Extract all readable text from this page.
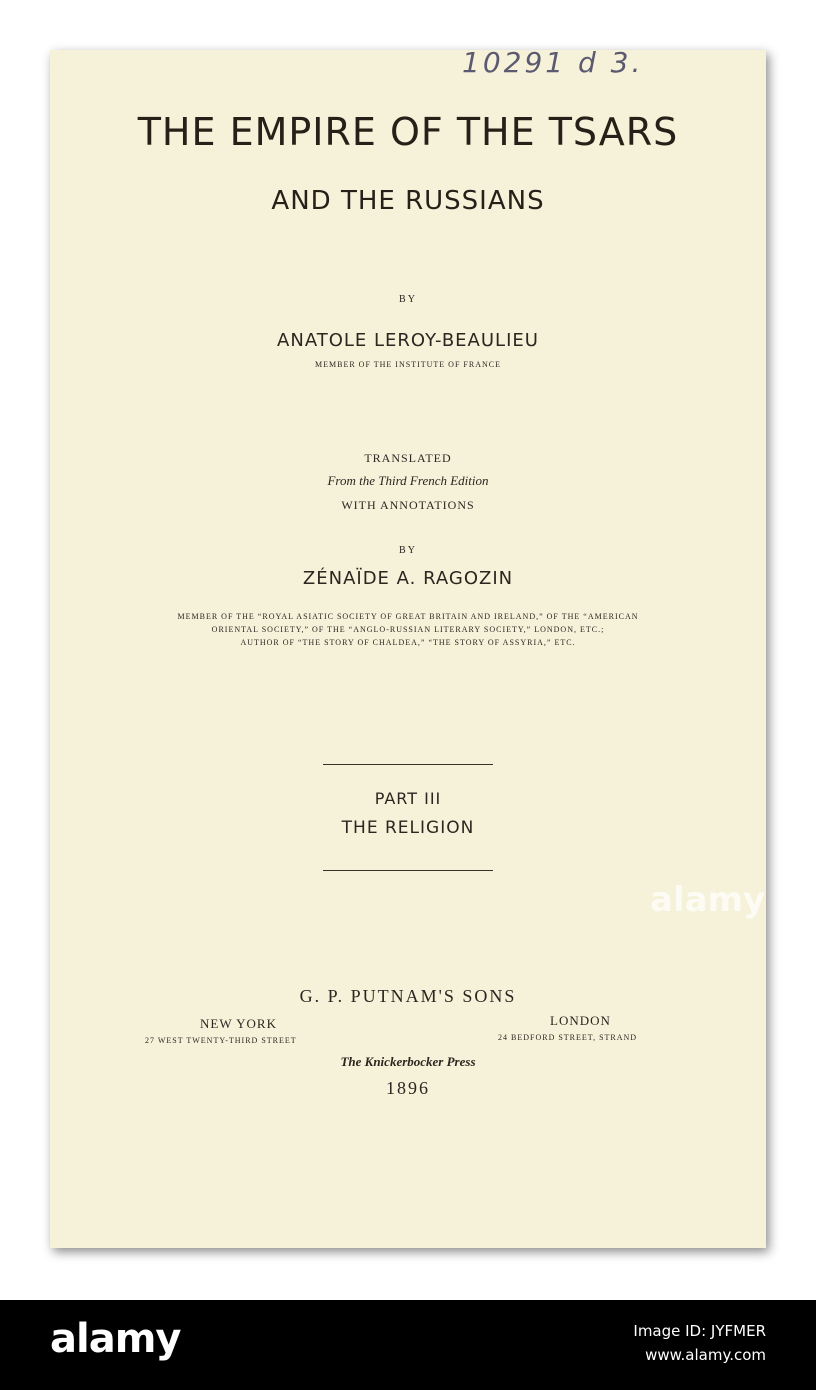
10291 d 3.
THE EMPIRE OF THE TSARS
AND THE RUSSIANS
BY
ANATOLE LEROY-BEAULIEU
MEMBER OF THE INSTITUTE OF FRANCE
TRANSLATED
From the Third French Edition
WITH ANNOTATIONS
BY
ZÉNAÏDE A. RAGOZIN
MEMBER OF THE “ROYAL ASIATIC SOCIETY OF GREAT BRITAIN AND IRELAND,” OF THE “AMERICAN
ORIENTAL SOCIETY,” OF THE “ANGLO-RUSSIAN LITERARY SOCIETY,” LONDON, ETC.;
AUTHOR OF “THE STORY OF CHALDEA,” “THE STORY OF ASSYRIA,” ETC.
PART III
THE RELIGION
alamy
G. P. PUTNAM'S SONS
NEW YORK
27 WEST TWENTY-THIRD STREET
LONDON
24 BEDFORD STREET, STRAND
The Knickerbocker Press
1896
alamy	Image ID: JYFMER
www.alamy.com
